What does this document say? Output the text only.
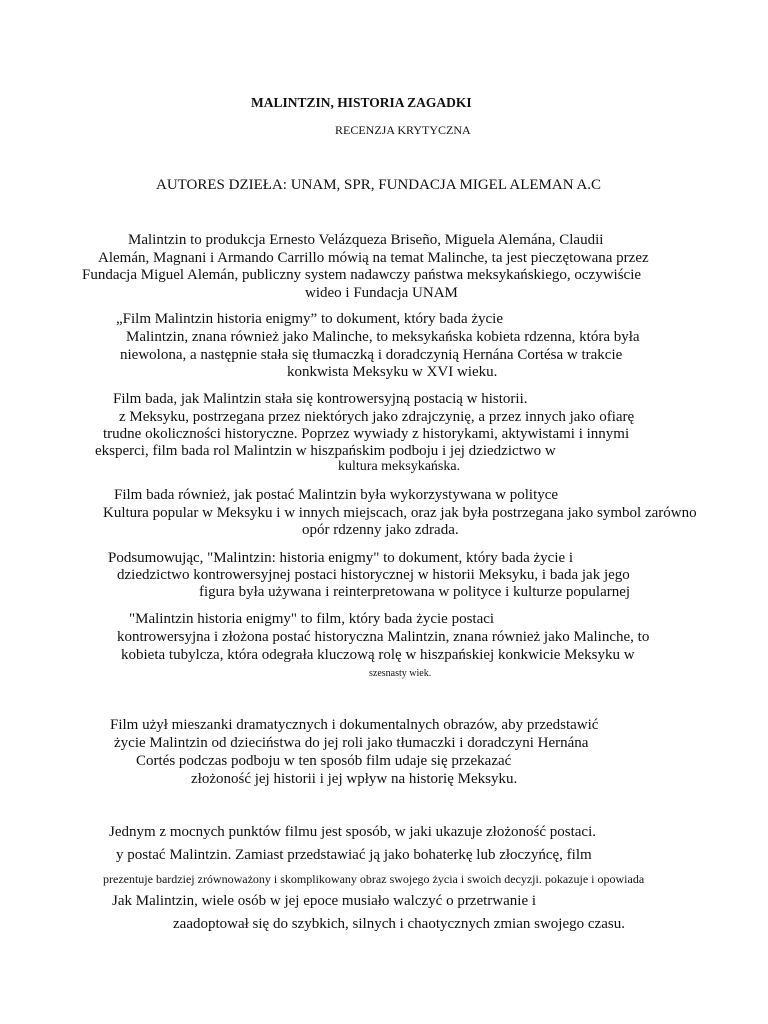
MALINTZIN, HISTORIA ZAGADKI
RECENZJA KRYTYCZNA
AUTORES DZIEŁA: UNAM, SPR, FUNDACJA MIGEL ALEMAN A.C
Malintzin to produkcja Ernesto Velázqueza Briseño, Miguela Alemána, Claudii
Alemán, Magnani i Armando Carrillo mówią na temat Malinche, ta jest pieczętowana przez
Fundacja Miguel Alemán, publiczny system nadawczy państwa meksykańskiego, oczywiście
wideo i Fundacja UNAM
„Film Malintzin historia enigmy” to dokument, który bada życie
Malintzin, znana również jako Malinche, to meksykańska kobieta rdzenna, która była
niewolona, a następnie stała się tłumaczką i doradczynią Hernána Cortésa w trakcie
konkwista Meksyku w XVI wieku.
Film bada, jak Malintzin stała się kontrowersyjną postacią w historii.
z Meksyku, postrzegana przez niektórych jako zdrajczynię, a przez innych jako ofiarę
trudne okoliczności historyczne. Poprzez wywiady z historykami, aktywistami i innymi
eksperci, film bada rol Malintzin w hiszpańskim podboju i jej dziedzictwo w
kultura meksykańska.
Film bada również, jak postać Malintzin była wykorzystywana w polityce
Kultura popular w Meksyku i w innych miejscach, oraz jak była postrzegana jako symbol zarówno
opór rdzenny jako zdrada.
Podsumowując, "Malintzin: historia enigmy" to dokument, który bada życie i
dziedzictwo kontrowersyjnej postaci historycznej w historii Meksyku, i bada jak jego
figura była używana i reinterpretowana w polityce i kulturze popularnej
"Malintzin historia enigmy" to film, który bada życie postaci
kontrowersyjna i złożona postać historyczna Malintzin, znana również jako Malinche, to
kobieta tubylcza, która odegrała kluczową rolę w hiszpańskiej konkwicie Meksyku w
szesnasty wiek.
Film użył mieszanki dramatycznych i dokumentalnych obrazów, aby przedstawić
życie Malintzin od dzieciństwa do jej roli jako tłumaczki i doradczyni Hernána
Cortés podczas podboju w ten sposób film udaje się przekazać
złożoność jej historii i jej wpływ na historię Meksyku.
Jednym z mocnych punktów filmu jest sposób, w jaki ukazuje złożoność postaci.
y postać Malintzin. Zamiast przedstawiać ją jako bohaterkę lub złoczyńcę, film
prezentuje bardziej zrównoważony i skomplikowany obraz swojego życia i swoich decyzji. pokazuje i opowiada
Jak Malintzin, wiele osób w jej epoce musiało walczyć o przetrwanie i
zaadoptował się do szybkich, silnych i chaotycznych zmian swojego czasu.
